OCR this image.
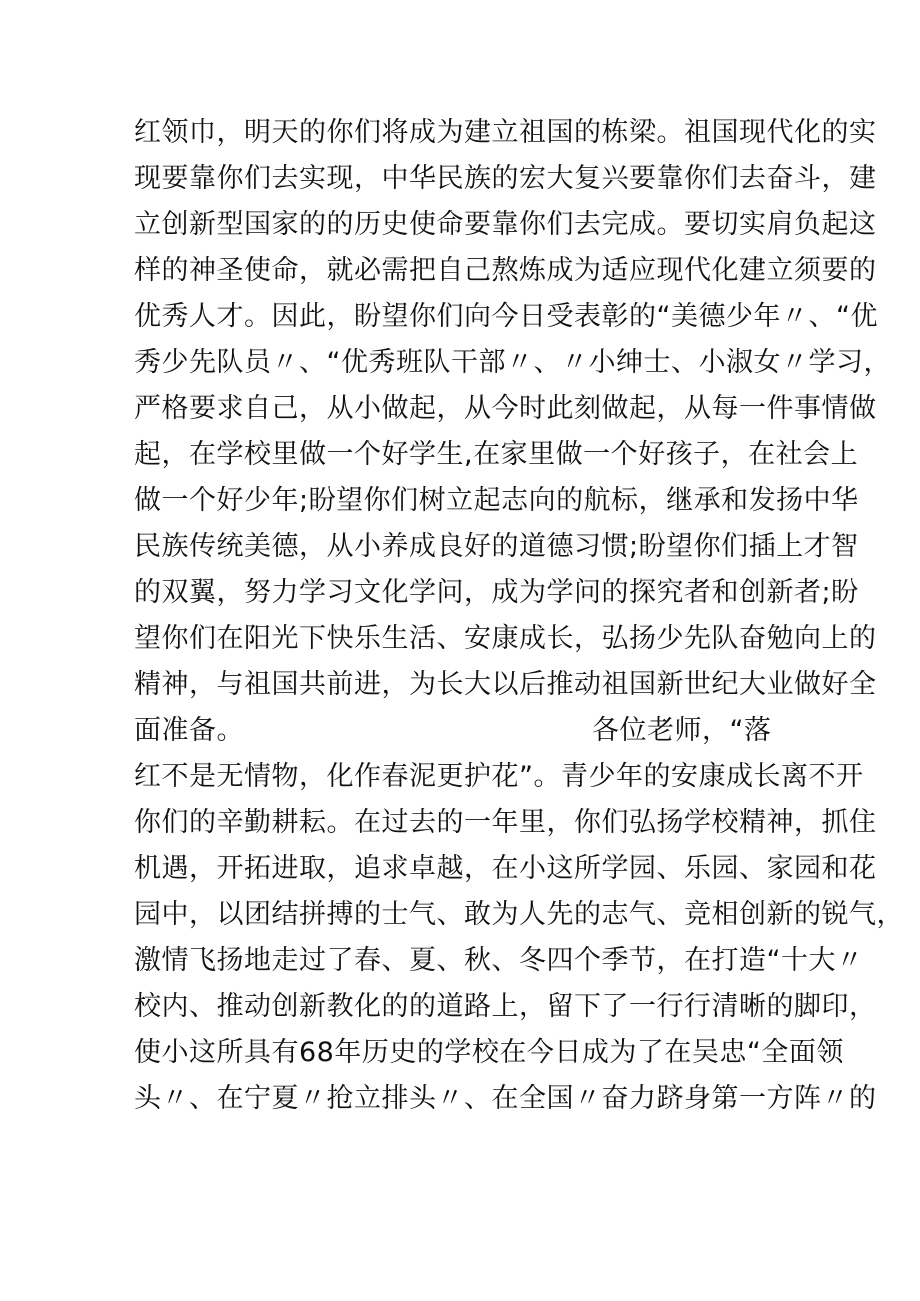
红领巾，明天的你们将成为建立祖国的栋梁。祖国现代化的实
现要靠你们去实现，中华民族的宏大复兴要靠你们去奋斗，建
立创新型国家的的历史使命要靠你们去完成。要切实肩负起这
样的神圣使命，就必需把自己熬炼成为适应现代化建立须要的
优秀人才。因此，盼望你们向今日受表彰的“美德少年〃、“优
秀少先队员〃、“优秀班队干部〃、〃小绅士、小淑女〃学习，
严格要求自己，从小做起，从今时此刻做起，从每一件事情做
起，在学校里做一个好学生,在家里做一个好孩子，在社会上
做一个好少年;盼望你们树立起志向的航标，继承和发扬中华
民族传统美德，从小养成良好的道德习惯;盼望你们插上才智
的双翼，努力学习文化学问，成为学问的探究者和创新者;盼
望你们在阳光下快乐生活、安康成长，弘扬少先队奋勉向上的
精神，与祖国共前进，为长大以后推动祖国新世纪大业做好全
面准备。	各位老师，“落
红不是无情物，化作春泥更护花”。青少年的安康成长离不开
你们的辛勤耕耘。在过去的一年里，你们弘扬学校精神，抓住
机遇，开拓进取，追求卓越，在小这所学园、乐园、家园和花
园中，以团结拼搏的士气、敢为人先的志气、竞相创新的锐气，
激情飞扬地走过了春、夏、秋、冬四个季节，在打造“十大〃
校内、推动创新教化的的道路上，留下了一行行清晰的脚印，
使小这所具有68年历史的学校在今日成为了在吴忠“全面领
头〃、在宁夏〃抢立排头〃、在全国〃奋力跻身第一方阵〃的
